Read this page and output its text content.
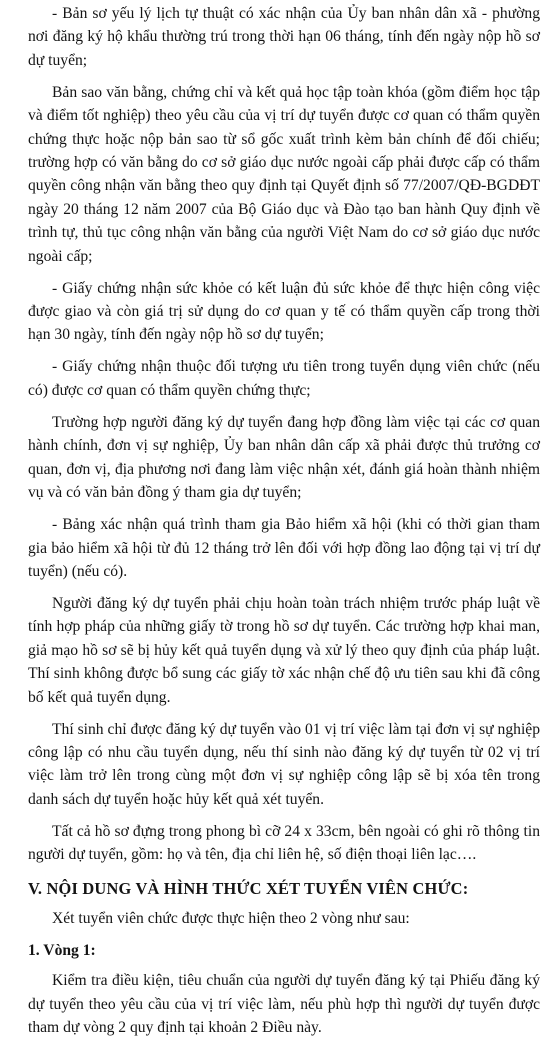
- Bản sơ yếu lý lịch tự thuật có xác nhận của Ủy ban nhân dân xã - phường nơi đăng ký hộ khẩu thường trú trong thời hạn 06 tháng, tính đến ngày nộp hồ sơ dự tuyển;

Bản sao văn bằng, chứng chỉ và kết quả học tập toàn khóa (gồm điểm học tập và điểm tốt nghiệp) theo yêu cầu của vị trí dự tuyển được cơ quan có thẩm quyền chứng thực hoặc nộp bản sao từ sổ gốc xuất trình kèm bản chính để đối chiếu; trường hợp có văn bằng do cơ sở giáo dục nước ngoài cấp phải được cấp có thẩm quyền công nhận văn bằng theo quy định tại Quyết định số 77/2007/QĐ-BGDĐT ngày 20 tháng 12 năm 2007 của Bộ Giáo dục và Đào tạo ban hành Quy định về trình tự, thủ tục công nhận văn bằng của người Việt Nam do cơ sở giáo dục nước ngoài cấp;

- Giấy chứng nhận sức khỏe có kết luận đủ sức khỏe để thực hiện công việc được giao và còn giá trị sử dụng do cơ quan y tế có thẩm quyền cấp trong thời hạn 30 ngày, tính đến ngày nộp hồ sơ dự tuyển;

- Giấy chứng nhận thuộc đối tượng ưu tiên trong tuyển dụng viên chức (nếu có) được cơ quan có thẩm quyền chứng thực;

Trường hợp người đăng ký dự tuyển đang hợp đồng làm việc tại các cơ quan hành chính, đơn vị sự nghiệp, Ủy ban nhân dân cấp xã phải được thủ trưởng cơ quan, đơn vị, địa phương nơi đang làm việc nhận xét, đánh giá hoàn thành nhiệm vụ và có văn bản đồng ý tham gia dự tuyển;

- Bảng xác nhận quá trình tham gia Bảo hiểm xã hội (khi có thời gian tham gia bảo hiểm xã hội từ đủ 12 tháng trở lên đối với hợp đồng lao động tại vị trí dự tuyển) (nếu có).

Người đăng ký dự tuyển phải chịu hoàn toàn trách nhiệm trước pháp luật về tính hợp pháp của những giấy tờ trong hồ sơ dự tuyển. Các trường hợp khai man, giả mạo hồ sơ sẽ bị hủy kết quả tuyển dụng và xử lý theo quy định của pháp luật. Thí sinh không được bổ sung các giấy tờ xác nhận chế độ ưu tiên sau khi đã công bố kết quả tuyển dụng.

Thí sinh chỉ được đăng ký dự tuyển vào 01 vị trí việc làm tại đơn vị sự nghiệp công lập có nhu cầu tuyển dụng, nếu thí sinh nào đăng ký dự tuyển từ 02 vị trí việc làm trở lên trong cùng một đơn vị sự nghiệp công lập sẽ bị xóa tên trong danh sách dự tuyển hoặc hủy kết quả xét tuyển.

Tất cả hồ sơ đựng trong phong bì cỡ 24 x 33cm, bên ngoài có ghi rõ thông tin người dự tuyển, gồm: họ và tên, địa chỉ liên hệ, số điện thoại liên lạc….

V. NỘI DUNG VÀ HÌNH THỨC XÉT TUYỂN VIÊN CHỨC:

Xét tuyển viên chức được thực hiện theo 2 vòng như sau:

1. Vòng 1:

Kiểm tra điều kiện, tiêu chuẩn của người dự tuyển đăng ký tại Phiếu đăng ký dự tuyển theo yêu cầu của vị trí việc làm, nếu phù hợp thì người dự tuyển được tham dự vòng 2 quy định tại khoản 2 Điều này.
